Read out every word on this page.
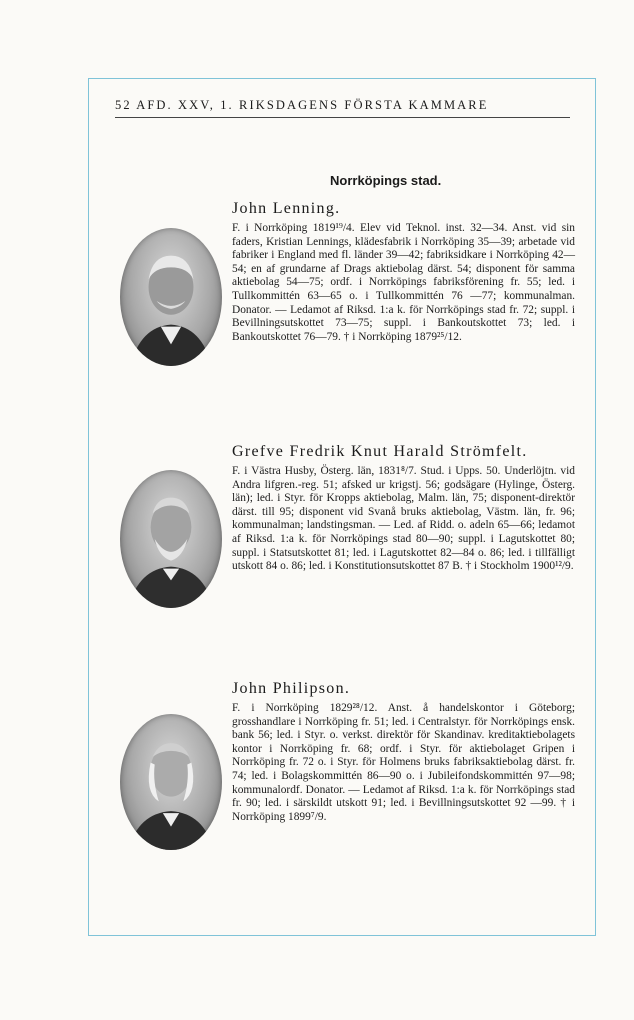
52 AFD. XXV, 1. RIKSDAGENS FÖRSTA KAMMARE
Norrköpings stad.
John Lenning.
F. i Norrköping 1819¹⁹/4. Elev vid Teknol. inst. 32—34. Anst. vid sin faders, Kristian Lennings, klädesfabrik i Norrköping 35—39; arbetade vid fabriker i England med fl. länder 39—42; fabriksidkare i Norrköping 42—54; en af grundarne af Drags aktiebolag därst. 54; disponent för samma aktiebolag 54—75; ordf. i Norrköpings fabriksförening fr. 55; led. i Tullkommittén 63—65 o. i Tullkommittén 76 —77; kommunalman. Donator. — Ledamot af Riksd. 1:a k. för Norrköpings stad fr. 72; suppl. i Bevillningsutskottet 73—75; suppl. i Bankoutskottet 73; led. i Bankoutskottet 76—79. † i Norrköping 1879²⁵/12.
Grefve Fredrik Knut Harald Strömfelt.
F. i Västra Husby, Österg. län, 1831⁸/7. Stud. i Upps. 50. Underlöjtn. vid Andra lifgren.-reg. 51; afsked ur krigstj. 56; godsägare (Hylinge, Österg. län); led. i Styr. för Kropps aktiebolag, Malm. län, 75; disponent-direktör därst. till 95; disponent vid Svanå bruks aktiebolag, Västm. län, fr. 96; kommunalman; landstingsman. — Led. af Ridd. o. adeln 65—66; ledamot af Riksd. 1:a k. för Norrköpings stad 80—90; suppl. i Lagutskottet 80; suppl. i Statsutskottet 81; led. i Lagutskottet 82—84 o. 86; led. i tillfälligt utskott 84 o. 86; led. i Konstitutionsutskottet 87 B. † i Stockholm 1900¹²/9.
John Philipson.
F. i Norrköping 1829²⁸/12. Anst. å handelskontor i Göteborg; grosshandlare i Norrköping fr. 51; led. i Centralstyr. för Norrköpings ensk. bank 56; led. i Styr. o. verkst. direktör för Skandinav. kreditaktiebolagets kontor i Norrköping fr. 68; ordf. i Styr. för aktiebolaget Gripen i Norrköping fr. 72 o. i Styr. för Holmens bruks fabriksaktiebolag därst. fr. 74; led. i Bolagskommittén 86—90 o. i Jubileifondskommittén 97—98; kommunalordf. Donator. — Ledamot af Riksd. 1:a k. för Norrköpings stad fr. 90; led. i särskildt utskott 91; led. i Bevillningsutskottet 92 —99. † i Norrköping 1899⁷/9.
